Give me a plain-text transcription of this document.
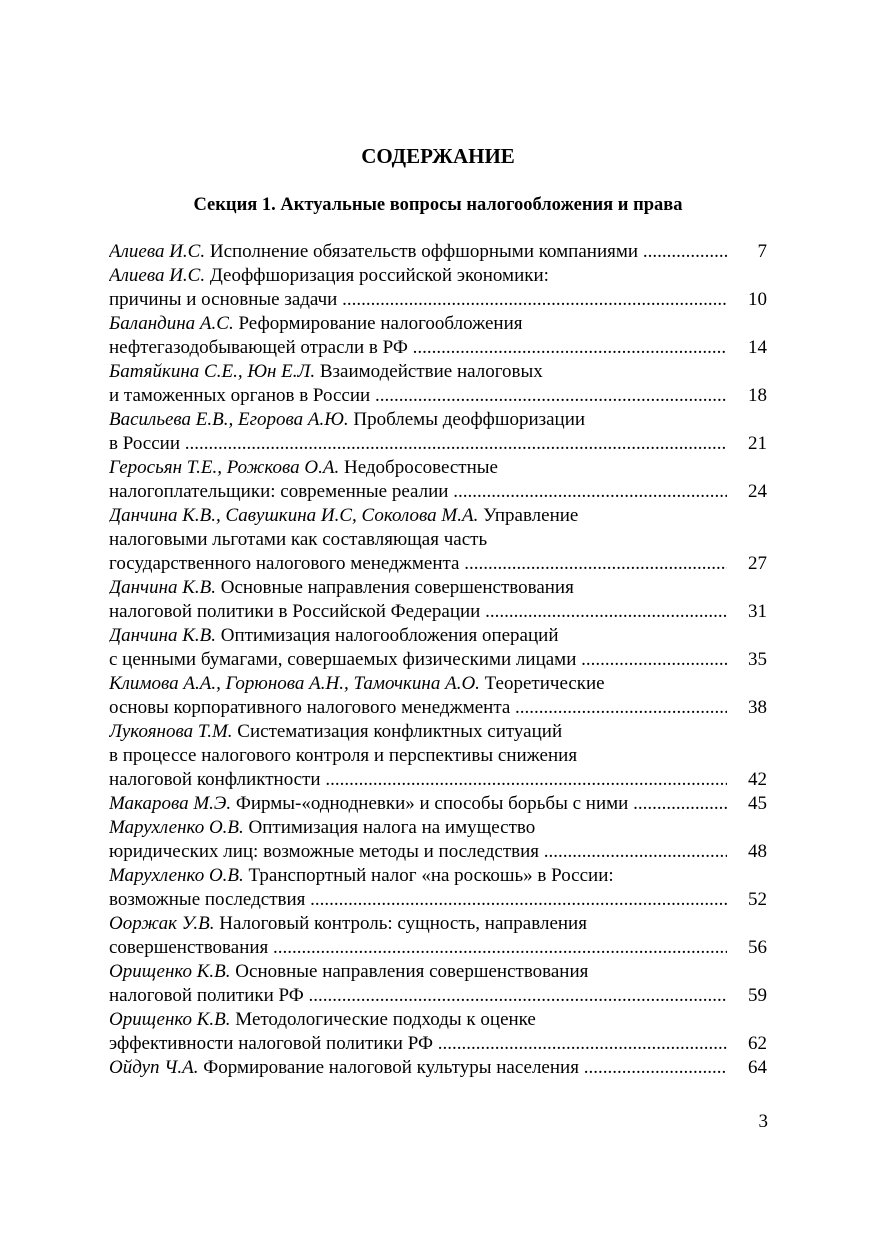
СОДЕРЖАНИЕ
Секция 1. Актуальные вопросы налогообложения и права
Алиева И.С. Исполнение обязательств оффшорными компаниями .....	7
Алиева И.С. Деоффшоризация российской экономики:
причины и основные задачи .....	10
Баландина А.С. Реформирование налогообложения
нефтегазодобывающей отрасли в РФ .....	14
Батяйкина С.Е., Юн Е.Л. Взаимодействие налоговых
и таможенных органов в России .....	18
Васильева Е.В., Егорова А.Ю. Проблемы деоффшоризации
в России .....	21
Геросьян Т.Е., Рожкова О.А. Недобросовестные
налогоплательщики: современные реалии .....	24
Данчина К.В., Савушкина И.С, Соколова М.А. Управление
налоговыми льготами как составляющая часть
государственного налогового менеджмента .....	27
Данчина К.В. Основные направления совершенствования
налоговой политики в Российской Федерации .....	31
Данчина К.В. Оптимизация налогообложения операций
с ценными бумагами, совершаемых физическими лицами .....	35
Климова А.А., Горюнова А.Н., Тамочкина А.О. Теоретические
основы корпоративного налогового менеджмента .....	38
Лукоянова Т.М. Систематизация конфликтных ситуаций
в процессе налогового контроля и перспективы снижения
налоговой конфликтности .....	42
Макарова М.Э. Фирмы-«однодневки» и способы борьбы с ними .....	45
Марухленко О.В. Оптимизация налога на имущество
юридических лиц: возможные методы и последствия .....	48
Марухленко О.В. Транспортный налог «на роскошь» в России:
возможные последствия .....	52
Ооржак У.В. Налоговый контроль: сущность, направления
совершенствования .....	56
Орищенко К.В. Основные направления совершенствования
налоговой политики РФ .....	59
Орищенко К.В. Методологические подходы к оценке
эффективности налоговой политики РФ .....	62
Ойдуп Ч.А. Формирование налоговой культуры населения .....	64
3
